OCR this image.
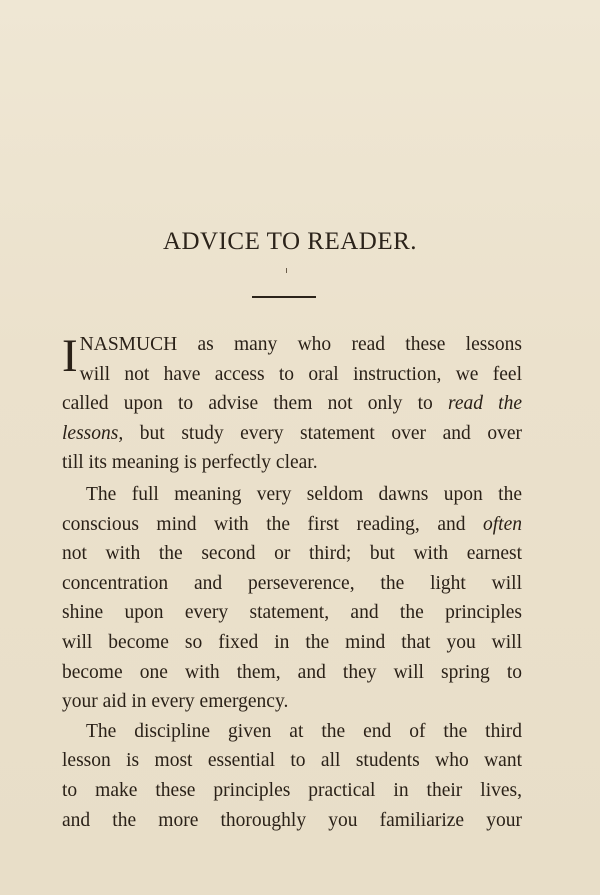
ADVICE TO READER.
I NASMUCH as many who read these lessons
will not have access to oral instruction, we feel
called upon to advise them not only to read the
lessons, but study every statement over and over
till its meaning is perfectly clear.
The full meaning very seldom dawns upon the
conscious mind with the first reading, and often
not with the second or third; but with earnest
concentration and perseverence, the light will
shine upon every statement, and the principles
will become so fixed in the mind that you will
become one with them, and they will spring to
your aid in every emergency.
The discipline given at the end of the third
lesson is most essential to all students who want
to make these principles practical in their lives,
and the more thoroughly you familiarize your
